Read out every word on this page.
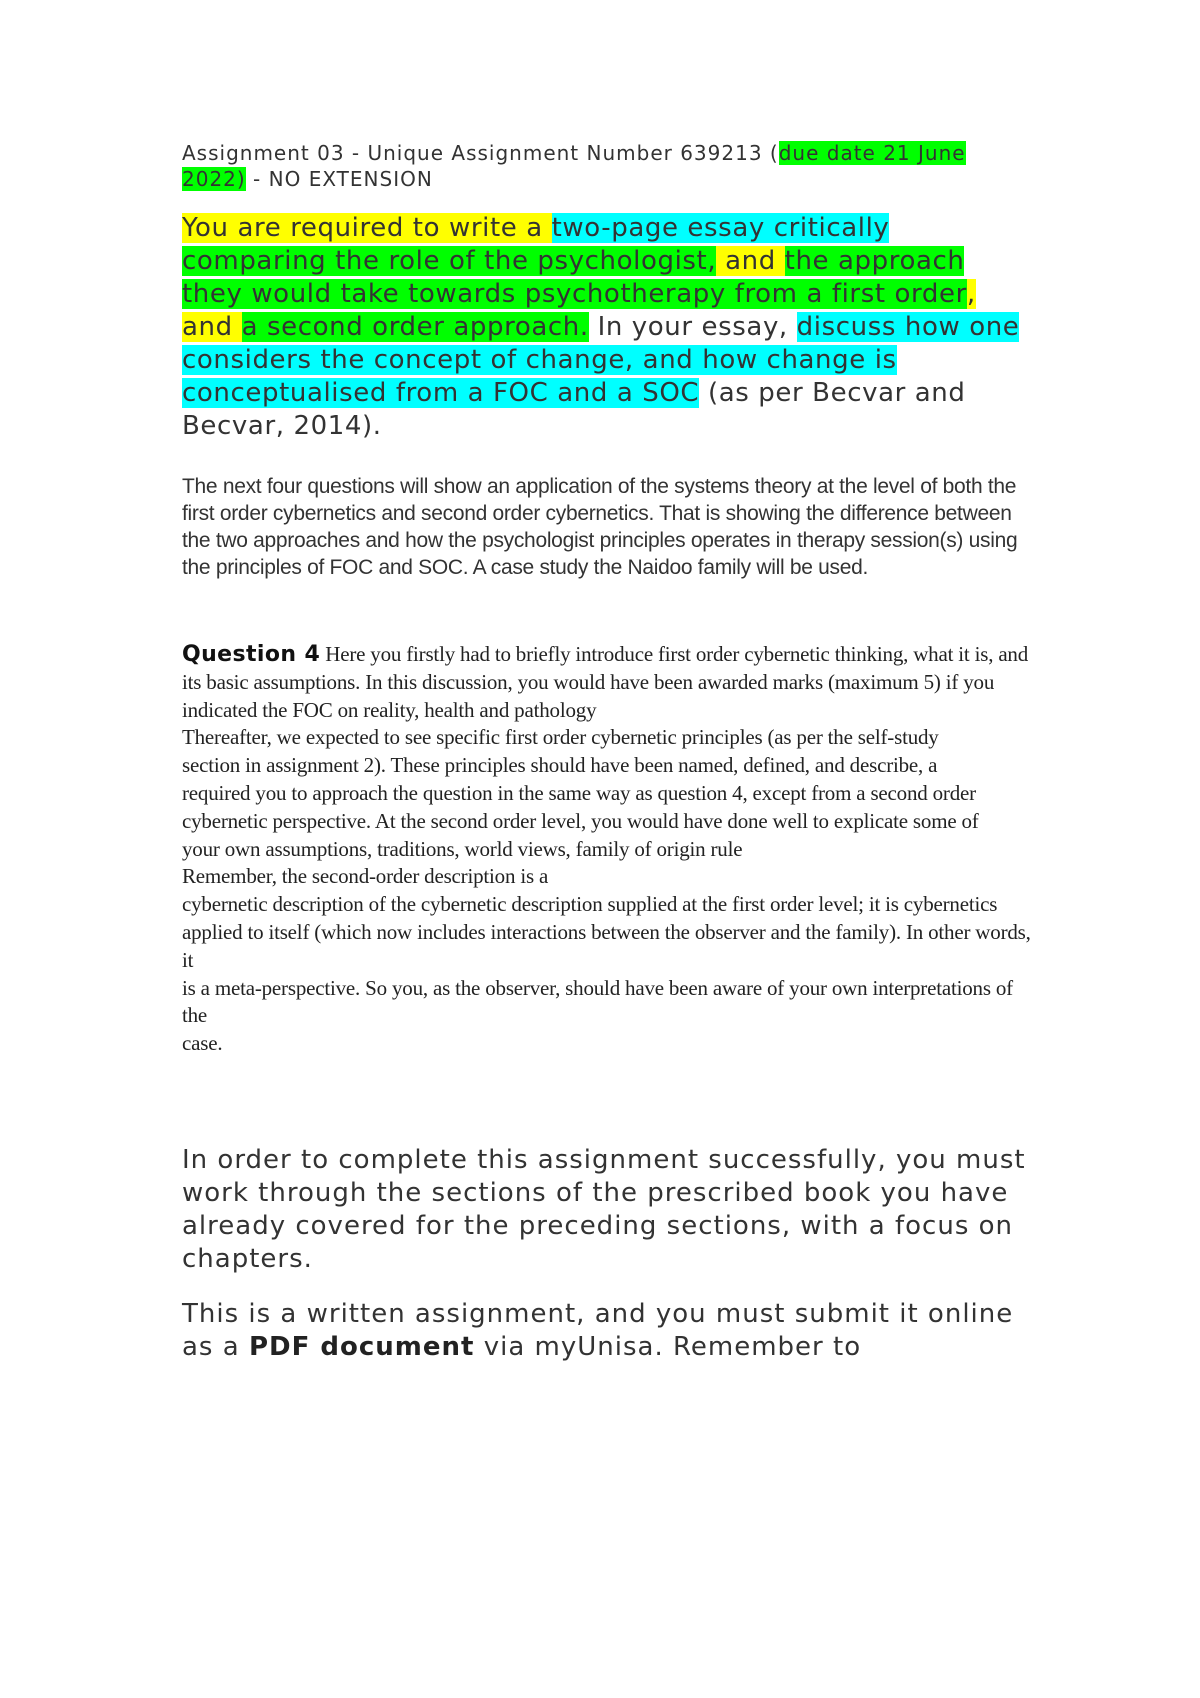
Assignment 03 - Unique Assignment Number 639213 (due date 21 June 2022) - NO EXTENSION

You are required to write a two-page essay critically comparing the role of the psychologist, and the approach they would take towards psychotherapy from a first order, and a second order approach. In your essay, discuss how one considers the concept of change, and how change is conceptualised from a FOC and a SOC (as per Becvar and Becvar, 2014).

The next four questions will show an application of the systems theory at the level of both the first order cybernetics and second order cybernetics. That is showing the difference between the two approaches and how the psychologist principles operates in therapy session(s) using the principles of FOC and SOC. A case study the Naidoo family will be used.

Question 4 Here you firstly had to briefly introduce first order cybernetic thinking, what it is, and its basic assumptions. In this discussion, you would have been awarded marks (maximum 5) if you indicated the FOC on reality, health and pathology
Thereafter, we expected to see specific first order cybernetic principles (as per the self-study
section in assignment 2). These principles should have been named, defined, and describe, a
required you to approach the question in the same way as question 4, except from a second order cybernetic perspective. At the second order level, you would have done well to explicate some of
your own assumptions, traditions, world views, family of origin rule
Remember, the second-order description is a
cybernetic description of the cybernetic description supplied at the first order level; it is cybernetics
applied to itself (which now includes interactions between the observer and the family). In other words, it
is a meta-perspective. So you, as the observer, should have been aware of your own interpretations of the
case.

In order to complete this assignment successfully, you must work through the sections of the prescribed book you have already covered for the preceding sections, with a focus on chapters.

This is a written assignment, and you must submit it online as a PDF document via myUnisa. Remember to
